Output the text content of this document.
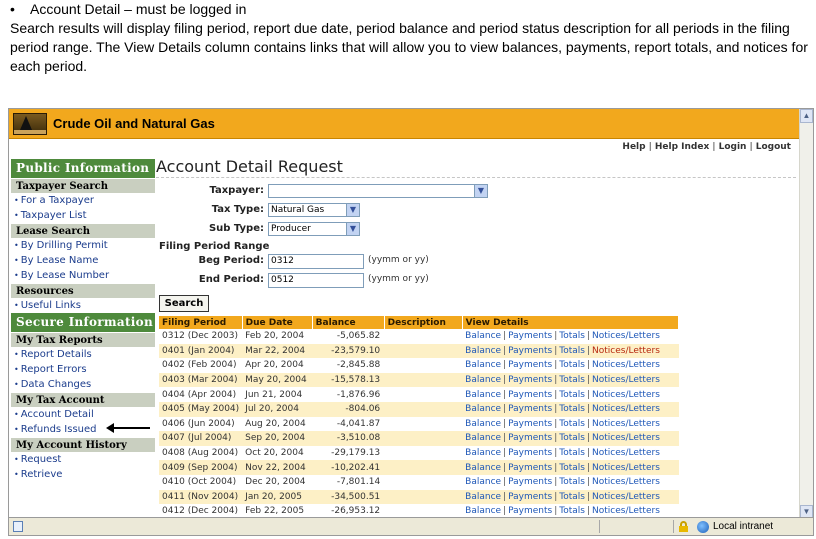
•	Account Detail – must be logged in
Search results will display filing period, report due date, period balance and period status description for all periods in the filing period range. The View Details column contains links that will allow you to view balances, payments, report totals, and notices for each period.
Crude Oil and Natural Gas
Help | Help Index | Login | Logout
Public Information
Taxpayer Search
• For a Taxpayer
• Taxpayer List
Lease Search
• By Drilling Permit
• By Lease Name
• By Lease Number
Resources
• Useful Links
Secure Information
My Tax Reports
• Report Details
• Report Errors
• Data Changes
My Tax Account
• Account Detail
• Refunds Issued
My Account History
• Request
• Retrieve
Account Detail Request
Taxpayer:	▼
Tax Type: Natural Gas	▼
Sub Type: Producer	▼
Filing Period Range
Beg Period: 0312	(yymm or yy)
End Period: 0512	(yymm or yy)
Search
Filing Period	Due Date	Balance	Description	View Details
0312 (Dec 2003)	Feb 20, 2004	-5,065.82		Balance | Payments | Totals | Notices/Letters
0401 (Jan 2004)	Mar 22, 2004	-23,579.10		Balance | Payments | Totals | Notices/Letters
0402 (Feb 2004)	Apr 20, 2004	-2,845.88		Balance | Payments | Totals | Notices/Letters
0403 (Mar 2004)	May 20, 2004	-15,578.13		Balance | Payments | Totals | Notices/Letters
0404 (Apr 2004)	Jun 21, 2004	-1,876.96		Balance | Payments | Totals | Notices/Letters
0405 (May 2004)	Jul 20, 2004	-804.06		Balance | Payments | Totals | Notices/Letters
0406 (Jun 2004)	Aug 20, 2004	-4,041.87		Balance | Payments | Totals | Notices/Letters
0407 (Jul 2004)	Sep 20, 2004	-3,510.08		Balance | Payments | Totals | Notices/Letters
0408 (Aug 2004)	Oct 20, 2004	-29,179.13		Balance | Payments | Totals | Notices/Letters
0409 (Sep 2004)	Nov 22, 2004	-10,202.41		Balance | Payments | Totals | Notices/Letters
0410 (Oct 2004)	Dec 20, 2004	-7,801.14		Balance | Payments | Totals | Notices/Letters
0411 (Nov 2004)	Jan 20, 2005	-34,500.51		Balance | Payments | Totals | Notices/Letters
0412 (Dec 2004)	Feb 22, 2005	-26,953.12		Balance | Payments | Totals | Notices/Letters
▲
▼
Local intranet
